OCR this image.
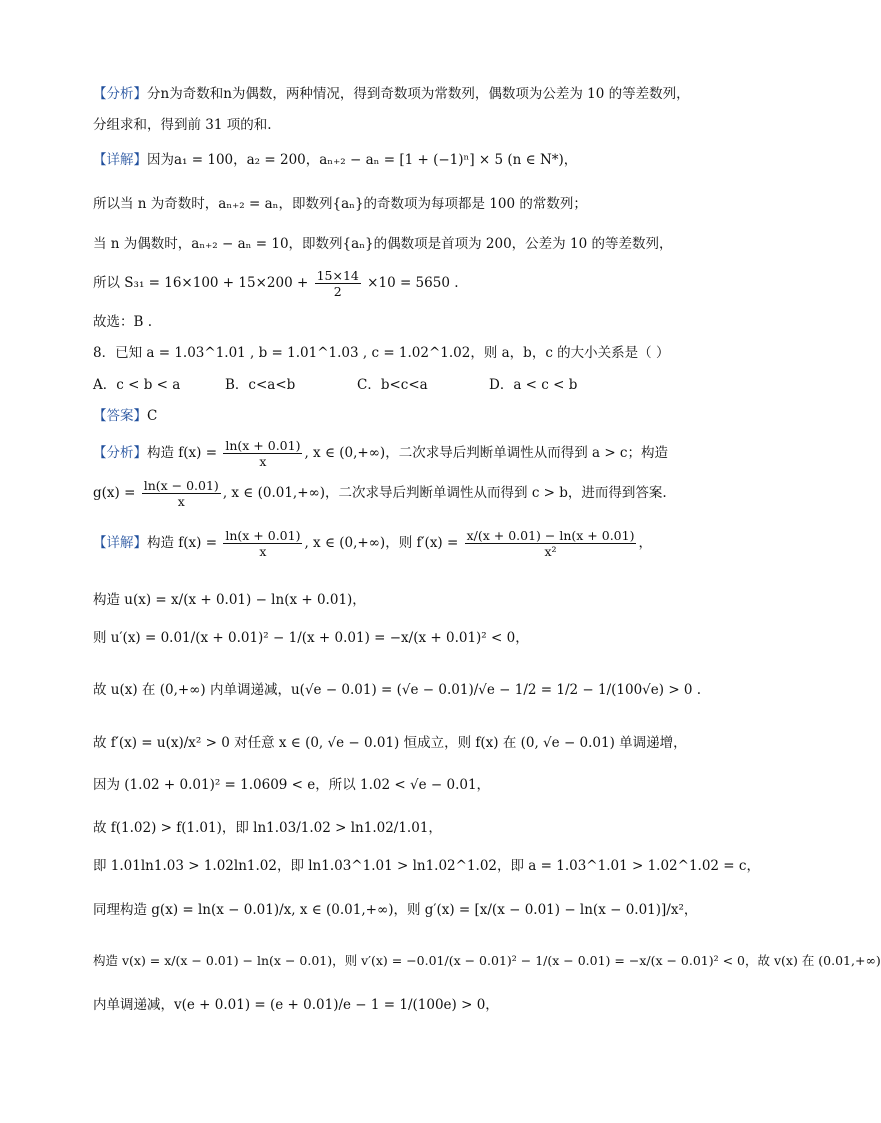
【分析】分n为奇数和n为偶数，两种情况，得到奇数项为常数列，偶数项为公差为 10 的等差数列，
分组求和，得到前 31 项的和.
【详解】因为a₁ = 100，a₂ = 200，aₙ₊₂ − aₙ = [1 + (−1)ⁿ] × 5 (n ∈ N*)，
所以当 n 为奇数时，aₙ₊₂ = aₙ，即数列{aₙ}的奇数项为每项都是 100 的常数列；
当 n 为偶数时，aₙ₊₂ − aₙ = 10，即数列{aₙ}的偶数项是首项为 200，公差为 10 的等差数列，
所以 $S_{31} = 16\times 100 + 15\times 200 + \frac{15\times 14}{2} \times 10 = 5650$ .
故选：B .
8．已知 a = 1.03^1.01 , b = 1.01^1.03 , c = 1.02^1.02，则 a，b，c 的大小关系是（ ）
A．c < b < a	B．c<a<b	C．b<c<a	D．a < c < b
【答案】C
【分析】构造 $f(x) = \frac{\ln(x + 0.01)}{x}$ , x ∈ (0,+∞)，二次求导后判断单调性从而得到 a > c；构造
$g(x) = \frac{\ln(x - 0.01)}{x}$ , x ∈ (0.01,+∞)，二次求导后判断单调性从而得到 c > b，进而得到答案.
【详解】构造 $f(x) = \frac{\ln(x + 0.01)}{x}$ , x ∈ (0,+∞)，则 $f'(x) = \frac{x/(x + 0.01) - \ln(x + 0.01)}{\text{x²}}$ ，
构造 u(x) = x/(x + 0.01) − ln(x + 0.01)，
则 u′(x) = 0.01/(x + 0.01)² − 1/(x + 0.01) = −x/(x + 0.01)² < 0，
故 u(x) 在 (0,+∞) 内单调递减，u(√e − 0.01) = (√e − 0.01)/√e − 1/2 = 1/2 − 1/(100√e) > 0 .
故 f′(x) = u(x)/x² > 0 对任意 x ∈ (0, √e − 0.01) 恒成立，则 f(x) 在 (0, √e − 0.01) 单调递增，
因为 (1.02 + 0.01)² = 1.0609 < e，所以 1.02 < √e − 0.01，
故 f(1.02) > f(1.01)，即 ln1.03/1.02 > ln1.02/1.01，
即 1.01ln1.03 > 1.02ln1.02，即 ln1.03^1.01 > ln1.02^1.02，即 a = 1.03^1.01 > 1.02^1.02 = c，
同理构造 g(x) = ln(x − 0.01)/x, x ∈ (0.01,+∞)，则 g′(x) = [x/(x − 0.01) − ln(x − 0.01)]/x²，
构造 v(x) = x/(x − 0.01) − ln(x − 0.01)，则 v′(x) = −0.01/(x − 0.01)² − 1/(x − 0.01) = −x/(x − 0.01)² < 0，故 v(x) 在 (0.01,+∞)
内单调递减，v(e + 0.01) = (e + 0.01)/e − 1 = 1/(100e) > 0，
